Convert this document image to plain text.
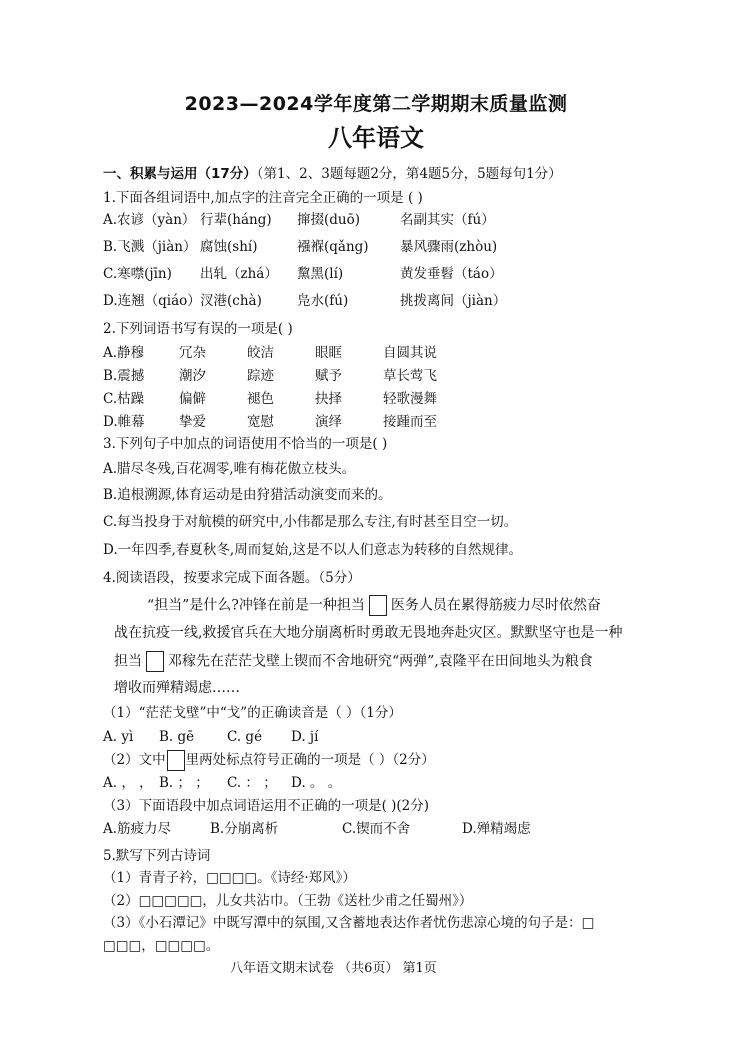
2023—2024学年度第二学期期末质量监测
八年语文
一、积累与运用（17分）（第1、2、3题每题2分，第4题5分，5题每句1分）
1.下面各组词语中,加点字的注音完全正确的一项是 ( )
A.农谚（yàn） 行辈(háng)	撺掇(duō)	名副其实（fú）
B.飞溅（jiàn） 腐蚀(shí)	襁褓(qǎng)	暴风骤雨(zhòu)
C.寒噤(jīn)	出轧（zhá）	黧黑(lí)	黄发垂髫（táo）
D.连翘（qiáo） 汊港(chà)	凫水(fú)	挑拨离间（jiàn）
2.下列词语书写有误的一项是( )
A.静穆	冗杂	皎洁	眼眶	自圆其说
B.震撼	潮汐	踪迹	赋予	草长莺飞
C.枯躁	偏僻	褪色	抉择	轻歌漫舞
D.帷幕	挚爱	宽慰	演绎	接踵而至
3.下列句子中加点的词语使用不恰当的一项是( )
A.腊尽冬残,百花凋零,唯有梅花傲立枝头。
B.追根溯源,体育运动是由狩猎活动演变而来的。
C.每当投身于对航模的研究中,小伟都是那么专注,有时甚至目空一切。
D.一年四季,春夏秋冬,周而复始,这是不以人们意志为转移的自然规律。
4.阅读语段，按要求完成下面各题。（5分）
“担当”是什么?冲锋在前是一种担当 医务人员在累得筋疲力尽时依然奋
战在抗疫一线,救援官兵在大地分崩离析时勇敢无畏地奔赴灾区。默默坚守也是一种
担当 邓稼先在茫茫戈壁上锲而不舍地研究“两弹”,袁隆平在田间地头为粮食
增收而殚精竭虑……
（1）“茫茫戈壁”中“戈”的正确读音是（ ）（1分）
A. yì B. gē C. gé D. jí
（2）文中 里两处标点符号正确的一项是（ ）（2分）
A. ， ， B. ； ； C. ： ； D. 。 。
（3）下面语段中加点词语运用不正确的一项是( )(2分)
A.筋疲力尽	B.分崩离析	C.锲而不舍	D.殚精竭虑
5.默写下列古诗词
（1）青青子衿，□□□□。《诗经·郑风》）
（2）□□□□□，儿女共沾巾。（王勃《送杜少甫之任蜀州》）
（3）《小石潭记》中既写潭中的氛围,又含蓄地表达作者忧伤悲凉心境的句子是：□
□□□，□□□□。
八年语文期末试卷 （共6页） 第1页
